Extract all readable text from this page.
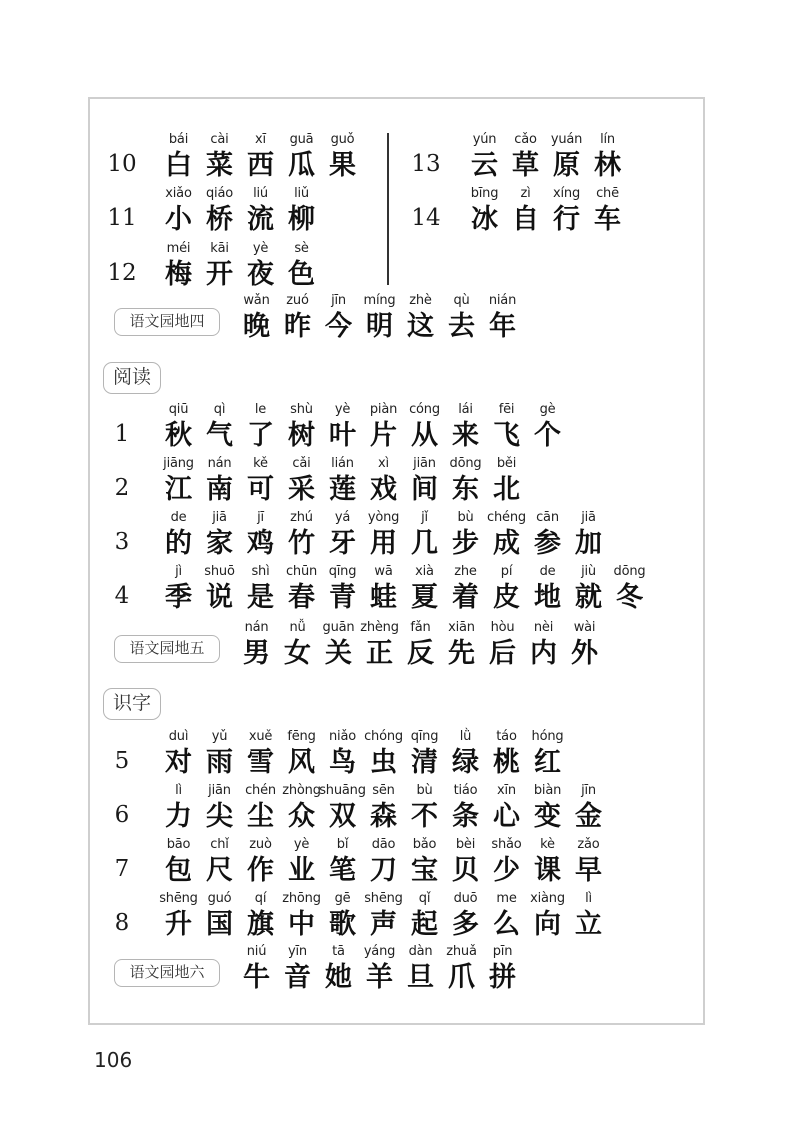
10
bái
白
cài
菜
xī
西
guā
瓜
guǒ
果
11
xiǎo
小
qiáo
桥
liú
流
liǔ
柳
12
méi
梅
kāi
开
yè
夜
sè
色
13
yún
云
cǎo
草
yuán
原
lín
林
14
bīng
冰
zì
自
xíng
行
chē
车
语文园地四
wǎn
晚
zuó
昨
jīn
今
míng
明
zhè
这
qù
去
nián
年
阅读
1
qiū
秋
qì
气
le
了
shù
树
yè
叶
piàn
片
cóng
从
lái
来
fēi
飞
gè
个
2
jiāng
江
nán
南
kě
可
cǎi
采
lián
莲
xì
戏
jiān
间
dōng
东
běi
北
3
de
的
jiā
家
jī
鸡
zhú
竹
yá
牙
yòng
用
jǐ
几
bù
步
chéng
成
cān
参
jiā
加
4
jì
季
shuō
说
shì
是
chūn
春
qīng
青
wā
蛙
xià
夏
zhe
着
pí
皮
de
地
jiù
就
dōng
冬
语文园地五
nán
男
nǚ
女
guān
关
zhèng
正
fǎn
反
xiān
先
hòu
后
nèi
内
wài
外
识字
5
duì
对
yǔ
雨
xuě
雪
fēng
风
niǎo
鸟
chóng
虫
qīng
清
lǜ
绿
táo
桃
hóng
红
6
lì
力
jiān
尖
chén
尘
zhòng
众
shuāng
双
sēn
森
bù
不
tiáo
条
xīn
心
biàn
变
jīn
金
7
bāo
包
chǐ
尺
zuò
作
yè
业
bǐ
笔
dāo
刀
bǎo
宝
bèi
贝
shǎo
少
kè
课
zǎo
早
8
shēng
升
guó
国
qí
旗
zhōng
中
gē
歌
shēng
声
qǐ
起
duō
多
me
么
xiàng
向
lì
立
语文园地六
niú
牛
yīn
音
tā
她
yáng
羊
dàn
旦
zhuǎ
爪
pīn
拼
106
